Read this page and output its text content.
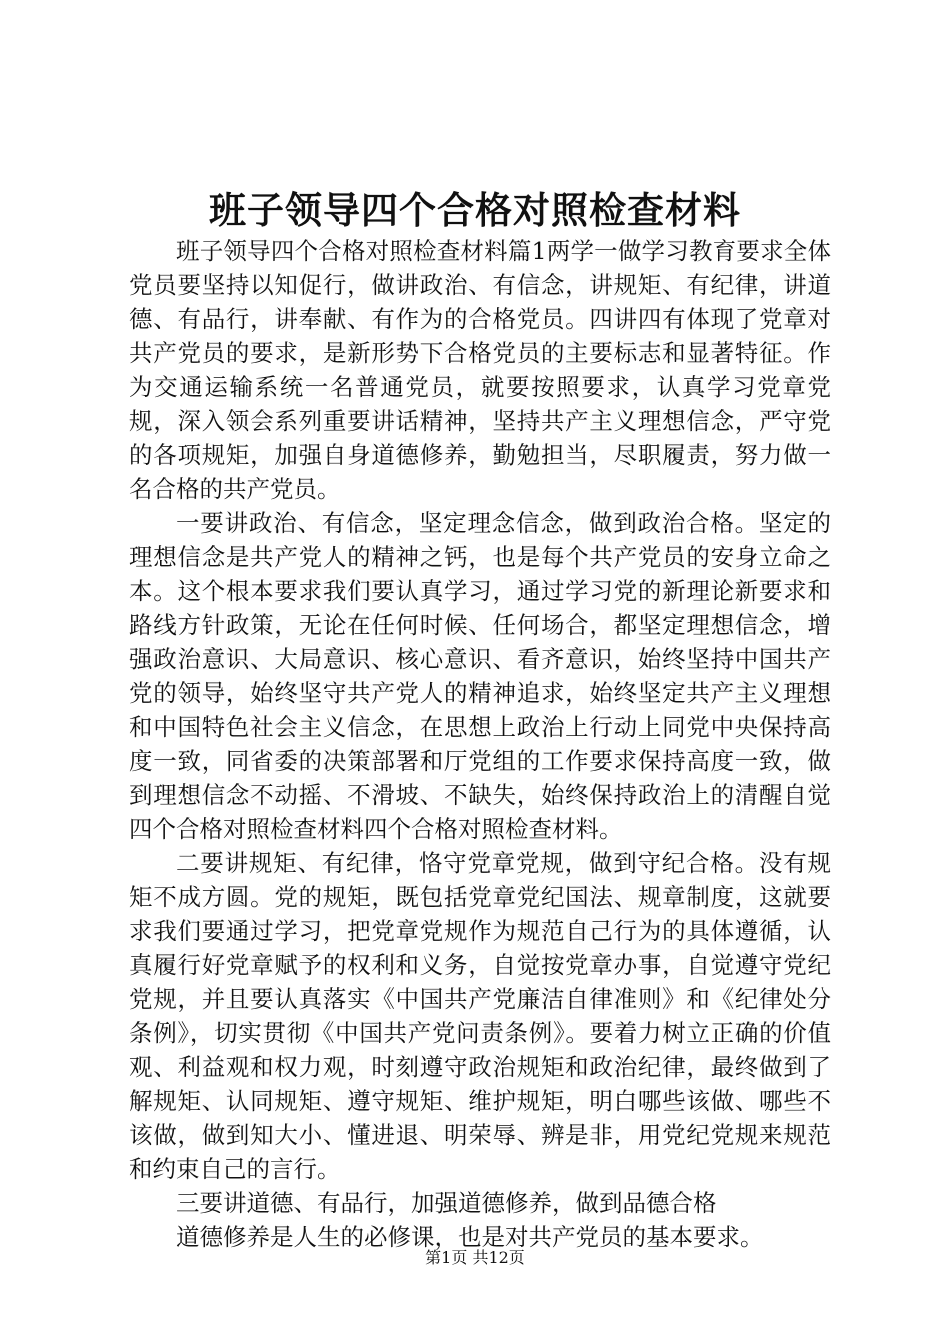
班子领导四个合格对照检查材料

班子领导四个合格对照检查材料篇1两学一做学习教育要求全体党员要坚持以知促行，做讲政治、有信念，讲规矩、有纪律，讲道德、有品行，讲奉献、有作为的合格党员。四讲四有体现了党章对共产党员的要求，是新形势下合格党员的主要标志和显著特征。作为交通运输系统一名普通党员，就要按照要求，认真学习党章党规，深入领会系列重要讲话精神，坚持共产主义理想信念，严守党的各项规矩，加强自身道德修养，勤勉担当，尽职履责，努力做一名合格的共产党员。

一要讲政治、有信念，坚定理念信念，做到政治合格。坚定的理想信念是共产党人的精神之钙，也是每个共产党员的安身立命之本。这个根本要求我们要认真学习，通过学习党的新理论新要求和路线方针政策，无论在任何时候、任何场合，都坚定理想信念，增强政治意识、大局意识、核心意识、看齐意识，始终坚持中国共产党的领导，始终坚守共产党人的精神追求，始终坚定共产主义理想和中国特色社会主义信念，在思想上政治上行动上同党中央保持高度一致，同省委的决策部署和厅党组的工作要求保持高度一致，做到理想信念不动摇、不滑坡、不缺失，始终保持政治上的清醒自觉四个合格对照检查材料四个合格对照检查材料。

二要讲规矩、有纪律，恪守党章党规，做到守纪合格。没有规矩不成方圆。党的规矩，既包括党章党纪国法、规章制度，这就要求我们要通过学习，把党章党规作为规范自己行为的具体遵循，认真履行好党章赋予的权利和义务，自觉按党章办事，自觉遵守党纪党规，并且要认真落实《中国共产党廉洁自律准则》和《纪律处分条例》，切实贯彻《中国共产党问责条例》。要着力树立正确的价值观、利益观和权力观，时刻遵守政治规矩和政治纪律，最终做到了解规矩、认同规矩、遵守规矩、维护规矩，明白哪些该做、哪些不该做，做到知大小、懂进退、明荣辱、辨是非，用党纪党规来规范和约束自己的言行。

三要讲道德、有品行，加强道德修养，做到品德合格

道德修养是人生的必修课，也是对共产党员的基本要求。

第1页 共12页
